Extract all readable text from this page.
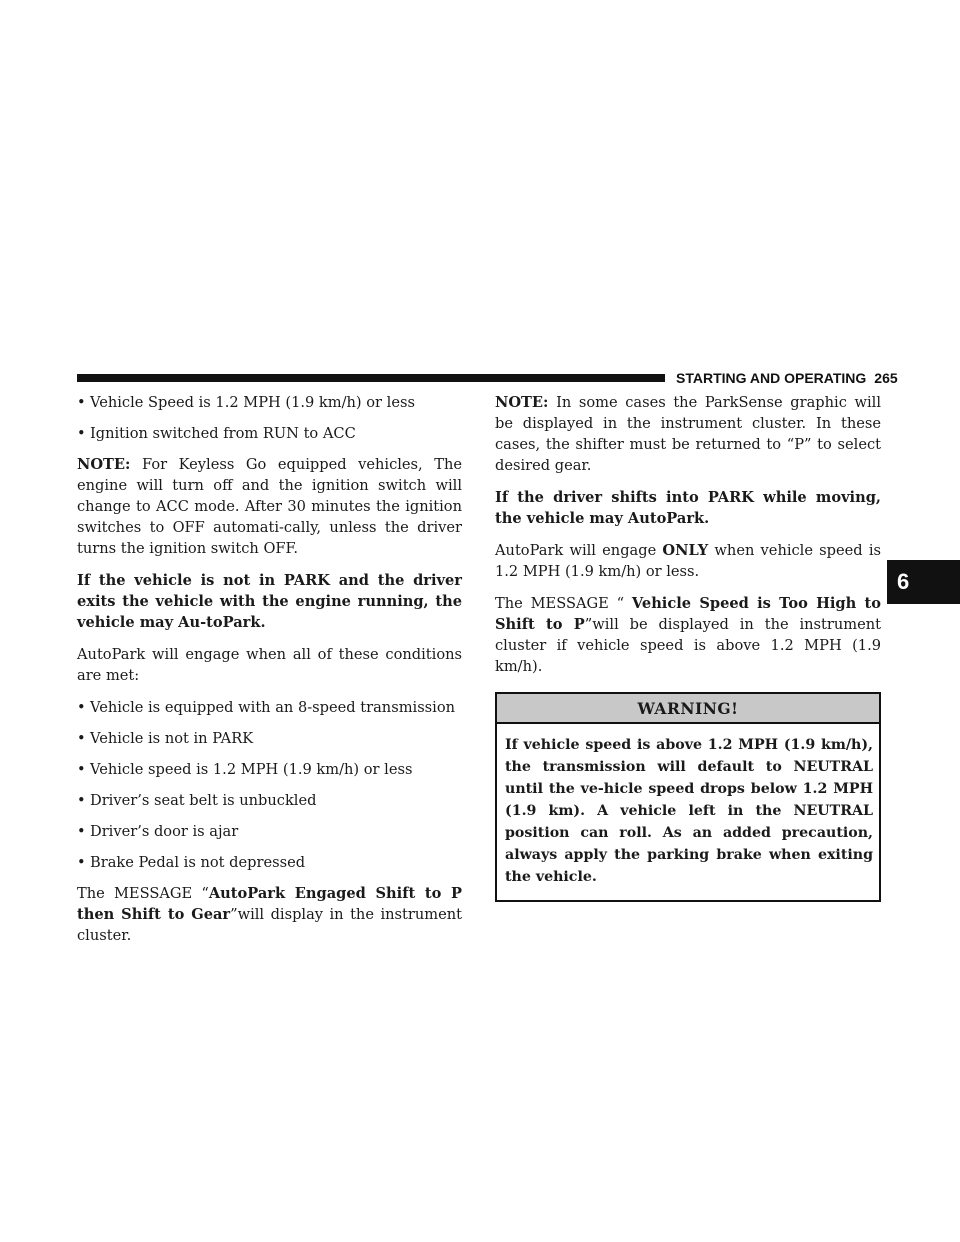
STARTING AND OPERATING 265
6
• Vehicle Speed is 1.2 MPH (1.9 km/h) or less
• Ignition switched from RUN to ACC

NOTE: For Keyless Go equipped vehicles, The engine will turn off and the ignition switch will change to ACC mode. After 30 minutes the ignition switches to OFF automati-cally, unless the driver turns the ignition switch OFF.

If the vehicle is not in PARK and the driver exits the vehicle with the engine running, the vehicle may Au-toPark.

AutoPark will engage when all of these conditions are met:

• Vehicle is equipped with an 8-speed transmission
• Vehicle is not in PARK
• Vehicle speed is 1.2 MPH (1.9 km/h) or less
• Driver’s seat belt is unbuckled
• Driver’s door is ajar
• Brake Pedal is not depressed

The MESSAGE “AutoPark Engaged Shift to P then Shift to Gear”will display in the instrument cluster.

NOTE: In some cases the ParkSense graphic will be displayed in the instrument cluster. In these cases, the shifter must be returned to “P” to select desired gear.

If the driver shifts into PARK while moving, the vehicle may AutoPark.

AutoPark will engage ONLY when vehicle speed is 1.2 MPH (1.9 km/h) or less.

The MESSAGE “ Vehicle Speed is Too High to Shift to P”will be displayed in the instrument cluster if vehicle speed is above 1.2 MPH (1.9 km/h).

WARNING!
If vehicle speed is above 1.2 MPH (1.9 km/h), the transmission will default to NEUTRAL until the ve-hicle speed drops below 1.2 MPH (1.9 km). A vehicle left in the NEUTRAL position can roll. As an added precaution, always apply the parking brake when exiting the vehicle.
